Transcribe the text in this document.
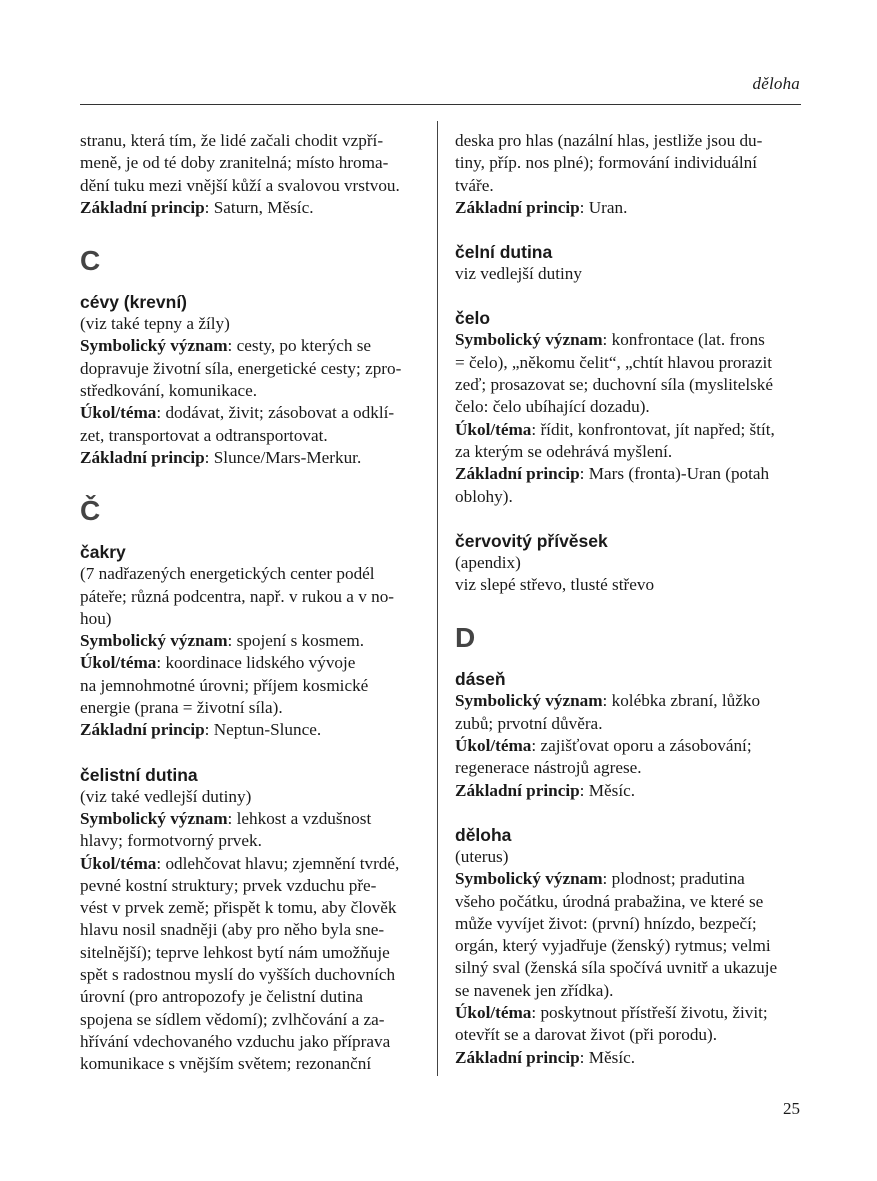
děloha
stranu, která tím, že lidé začali chodit vzpří-
meně, je od té doby zranitelná; místo hroma-
dění tuku mezi vnější kůží a svalovou vrstvou.
Základní princip: Saturn, Měsíc.
C
cévy (krevní)
(viz také tepny a žíly)
Symbolický význam: cesty, po kterých se
dopravuje životní síla, energetické cesty; zpro-
středkování, komunikace.
Úkol/téma: dodávat, živit; zásobovat a odklí-
zet, transportovat a odtransportovat.
Základní princip: Slunce/Mars-Merkur.
Č
čakry
(7 nadřazených energetických center podél
páteře; různá podcentra, např. v rukou a v no-
hou)
Symbolický význam: spojení s kosmem.
Úkol/téma: koordinace lidského vývoje
na jemnohmotné úrovni; příjem kosmické
energie (prana = životní síla).
Základní princip: Neptun-Slunce.
čelistní dutina
(viz také vedlejší dutiny)
Symbolický význam: lehkost a vzdušnost
hlavy; formotvorný prvek.
Úkol/téma: odlehčovat hlavu; zjemnění tvrdé,
pevné kostní struktury; prvek vzduchu pře-
vést v prvek země; přispět k tomu, aby člověk
hlavu nosil snadněji (aby pro něho byla sne-
sitelnější); teprve lehkost bytí nám umožňuje
spět s radostnou myslí do vyšších duchovních
úrovní (pro antropozofy je čelistní dutina
spojena se sídlem vědomí); zvlhčování a za-
hřívání vdechovaného vzduchu jako příprava
komunikace s vnějším světem; rezonanční
deska pro hlas (nazální hlas, jestliže jsou du-
tiny, příp. nos plné); formování individuální
tváře.
Základní princip: Uran.
čelní dutina
viz vedlejší dutiny
čelo
Symbolický význam: konfrontace (lat. frons
= čelo), „někomu čelit“, „chtít hlavou prorazit
zeď; prosazovat se; duchovní síla (myslitelské
čelo: čelo ubíhající dozadu).
Úkol/téma: řídit, konfrontovat, jít napřed; štít,
za kterým se odehrává myšlení.
Základní princip: Mars (fronta)-Uran (potah
oblohy).
červovitý přívěsek
(apendix)
viz slepé střevo, tlusté střevo
D
dáseň
Symbolický význam: kolébka zbraní, lůžko
zubů; prvotní důvěra.
Úkol/téma: zajišťovat oporu a zásobování;
regenerace nástrojů agrese.
Základní princip: Měsíc.
děloha
(uterus)
Symbolický význam: plodnost; pradutina
všeho počátku, úrodná prabažina, ve které se
může vyvíjet život: (první) hnízdo, bezpečí;
orgán, který vyjadřuje (ženský) rytmus; velmi
silný sval (ženská síla spočívá uvnitř a ukazuje
se navenek jen zřídka).
Úkol/téma: poskytnout přístřeší životu, živit;
otevřít se a darovat život (při porodu).
Základní princip: Měsíc.
25
